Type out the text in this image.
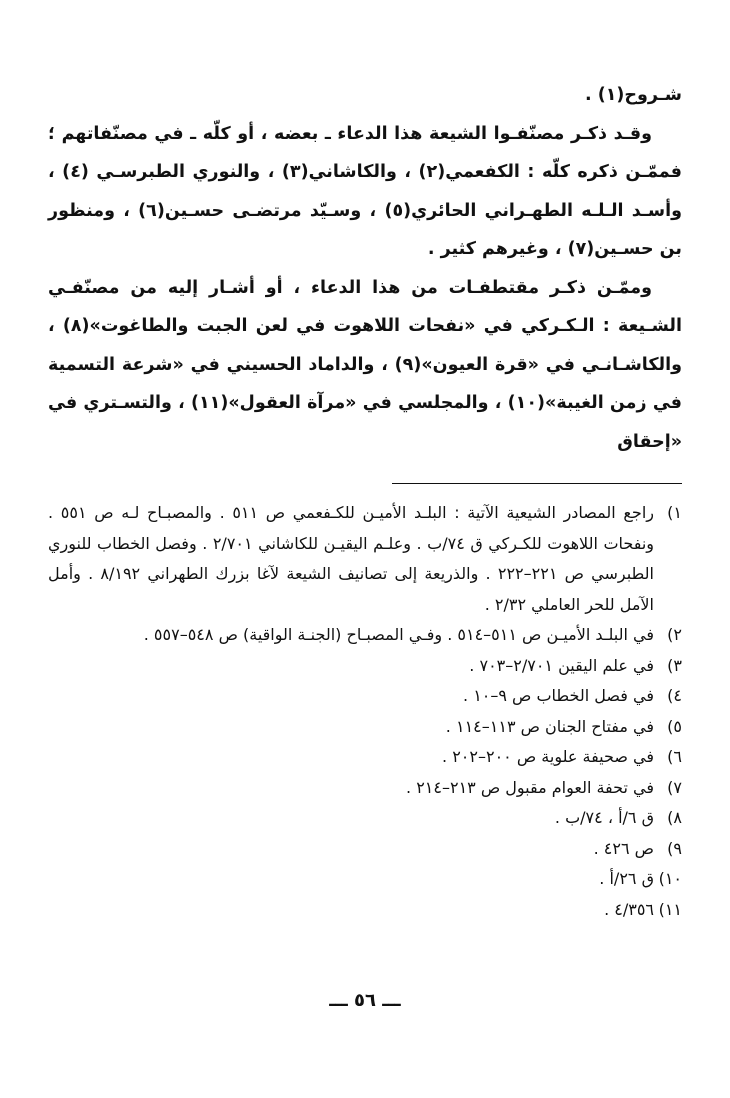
شـروح(١) .

وقـد ذكـر مصنّفـوا الشيعة هذا الدعاء ـ بعضه ، أو كلّه ـ في مصنّفاتهم ؛ فممّـن ذكره كلّه : الكفعمي(٢) ، والكاشاني(٣) ، والنوري الطبرسـي (٤) ، وأسـد الـلـه الطهـراني الحائري(٥) ، وسـيّد مرتضـى حسـين(٦) ، ومنظور بن حسـين(٧) ، وغيرهم كثير .

وممّـن ذكـر مقتطفـات من هذا الدعاء ، أو أشـار إليه من مصنّفـي الشـيعة : الـكـركي في «نفحات اللاهوت في لعن الجبت والطاغوت»(٨) ، والكاشـانـي في «قرة العيون»(٩) ، والداماد الحسيني في «شرعة التسمية في زمن الغيبة»(١٠) ، والمجلسي في «مرآة العقول»(١١) ، والتسـتري في «إحقاق

١)
راجع المصادر الشيعية الآتية : البلـد الأميـن للكـفعمي ص ٥١١ . والمصبـاح لـه ص ٥٥١ . ونفحات اللاهوت للكـركي ق ٧٤/ب . وعلـم اليقيـن للكاشاني ٢/٧٠١ . وفصل الخطاب للنوري الطبرسي ص ٢٢١–٢٢٢ . والذريعة إلى تصانيف الشيعة لآغا بزرك الطهراني ٨/١٩٢ . وأمل الآمل للحر العاملي ٢/٣٢ .
٢)
في البلـد الأميـن ص ٥١١–٥١٤ . وفـي المصبـاح (الجنـة الواقية) ص ٥٤٨–٥٥٧ .
٣)
في علم اليقين ٢/٧٠١–٧٠٣ .
٤)
في فصل الخطاب ص ٩–١٠ .
٥)
في مفتاح الجنان ص ١١٣–١١٤ .
٦)
في صحيفة علوية ص ٢٠٠–٢٠٢ .
٧)
في تحفة العوام مقبول ص ٢١٣–٢١٤ .
٨)
ق ٦/أ ، ٧٤/ب .
٩)
ص ٤٢٦ .
١٠)
ق ٢٦/أ .
١١)
٤/٣٥٦ .
ـــ ٥٦ ـــ
